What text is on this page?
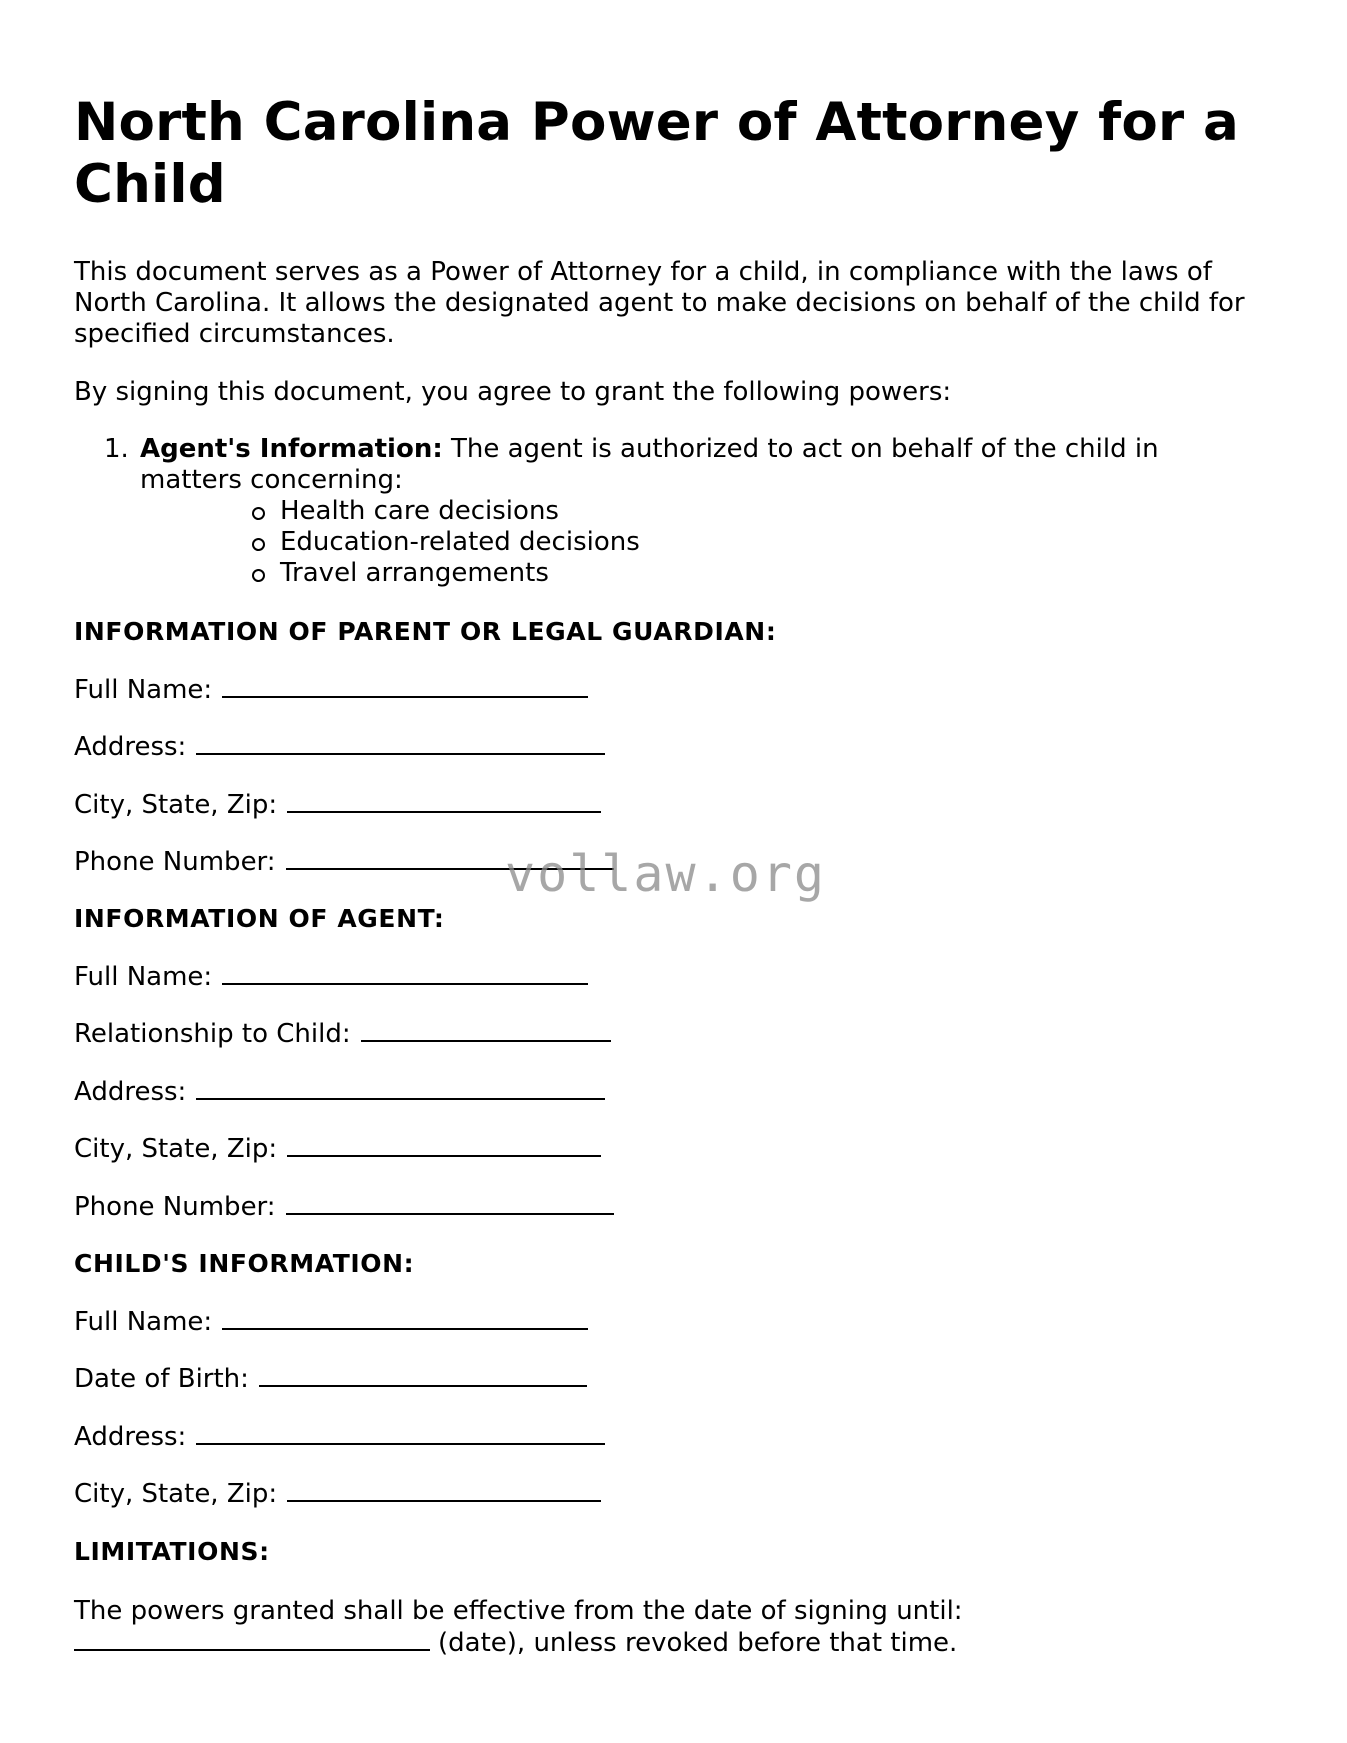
North Carolina Power of Attorney for a Child

This document serves as a Power of Attorney for a child, in compliance with the laws of North Carolina. It allows the designated agent to make decisions on behalf of the child for specified circumstances.

By signing this document, you agree to grant the following powers:

1. Agent's Information: The agent is authorized to act on behalf of the child in matters concerning:
Health care decisions
Education-related decisions
Travel arrangements
INFORMATION OF PARENT OR LEGAL GUARDIAN:
Full Name:
Address:
City, State, Zip:
Phone Number:
INFORMATION OF AGENT:
Full Name:
Relationship to Child:
Address:
City, State, Zip:
Phone Number:
CHILD'S INFORMATION:
Full Name:
Date of Birth:
Address:
City, State, Zip:
LIMITATIONS:
The powers granted shall be effective from the date of signing until:
(date), unless revoked before that time.
vollaw.org
